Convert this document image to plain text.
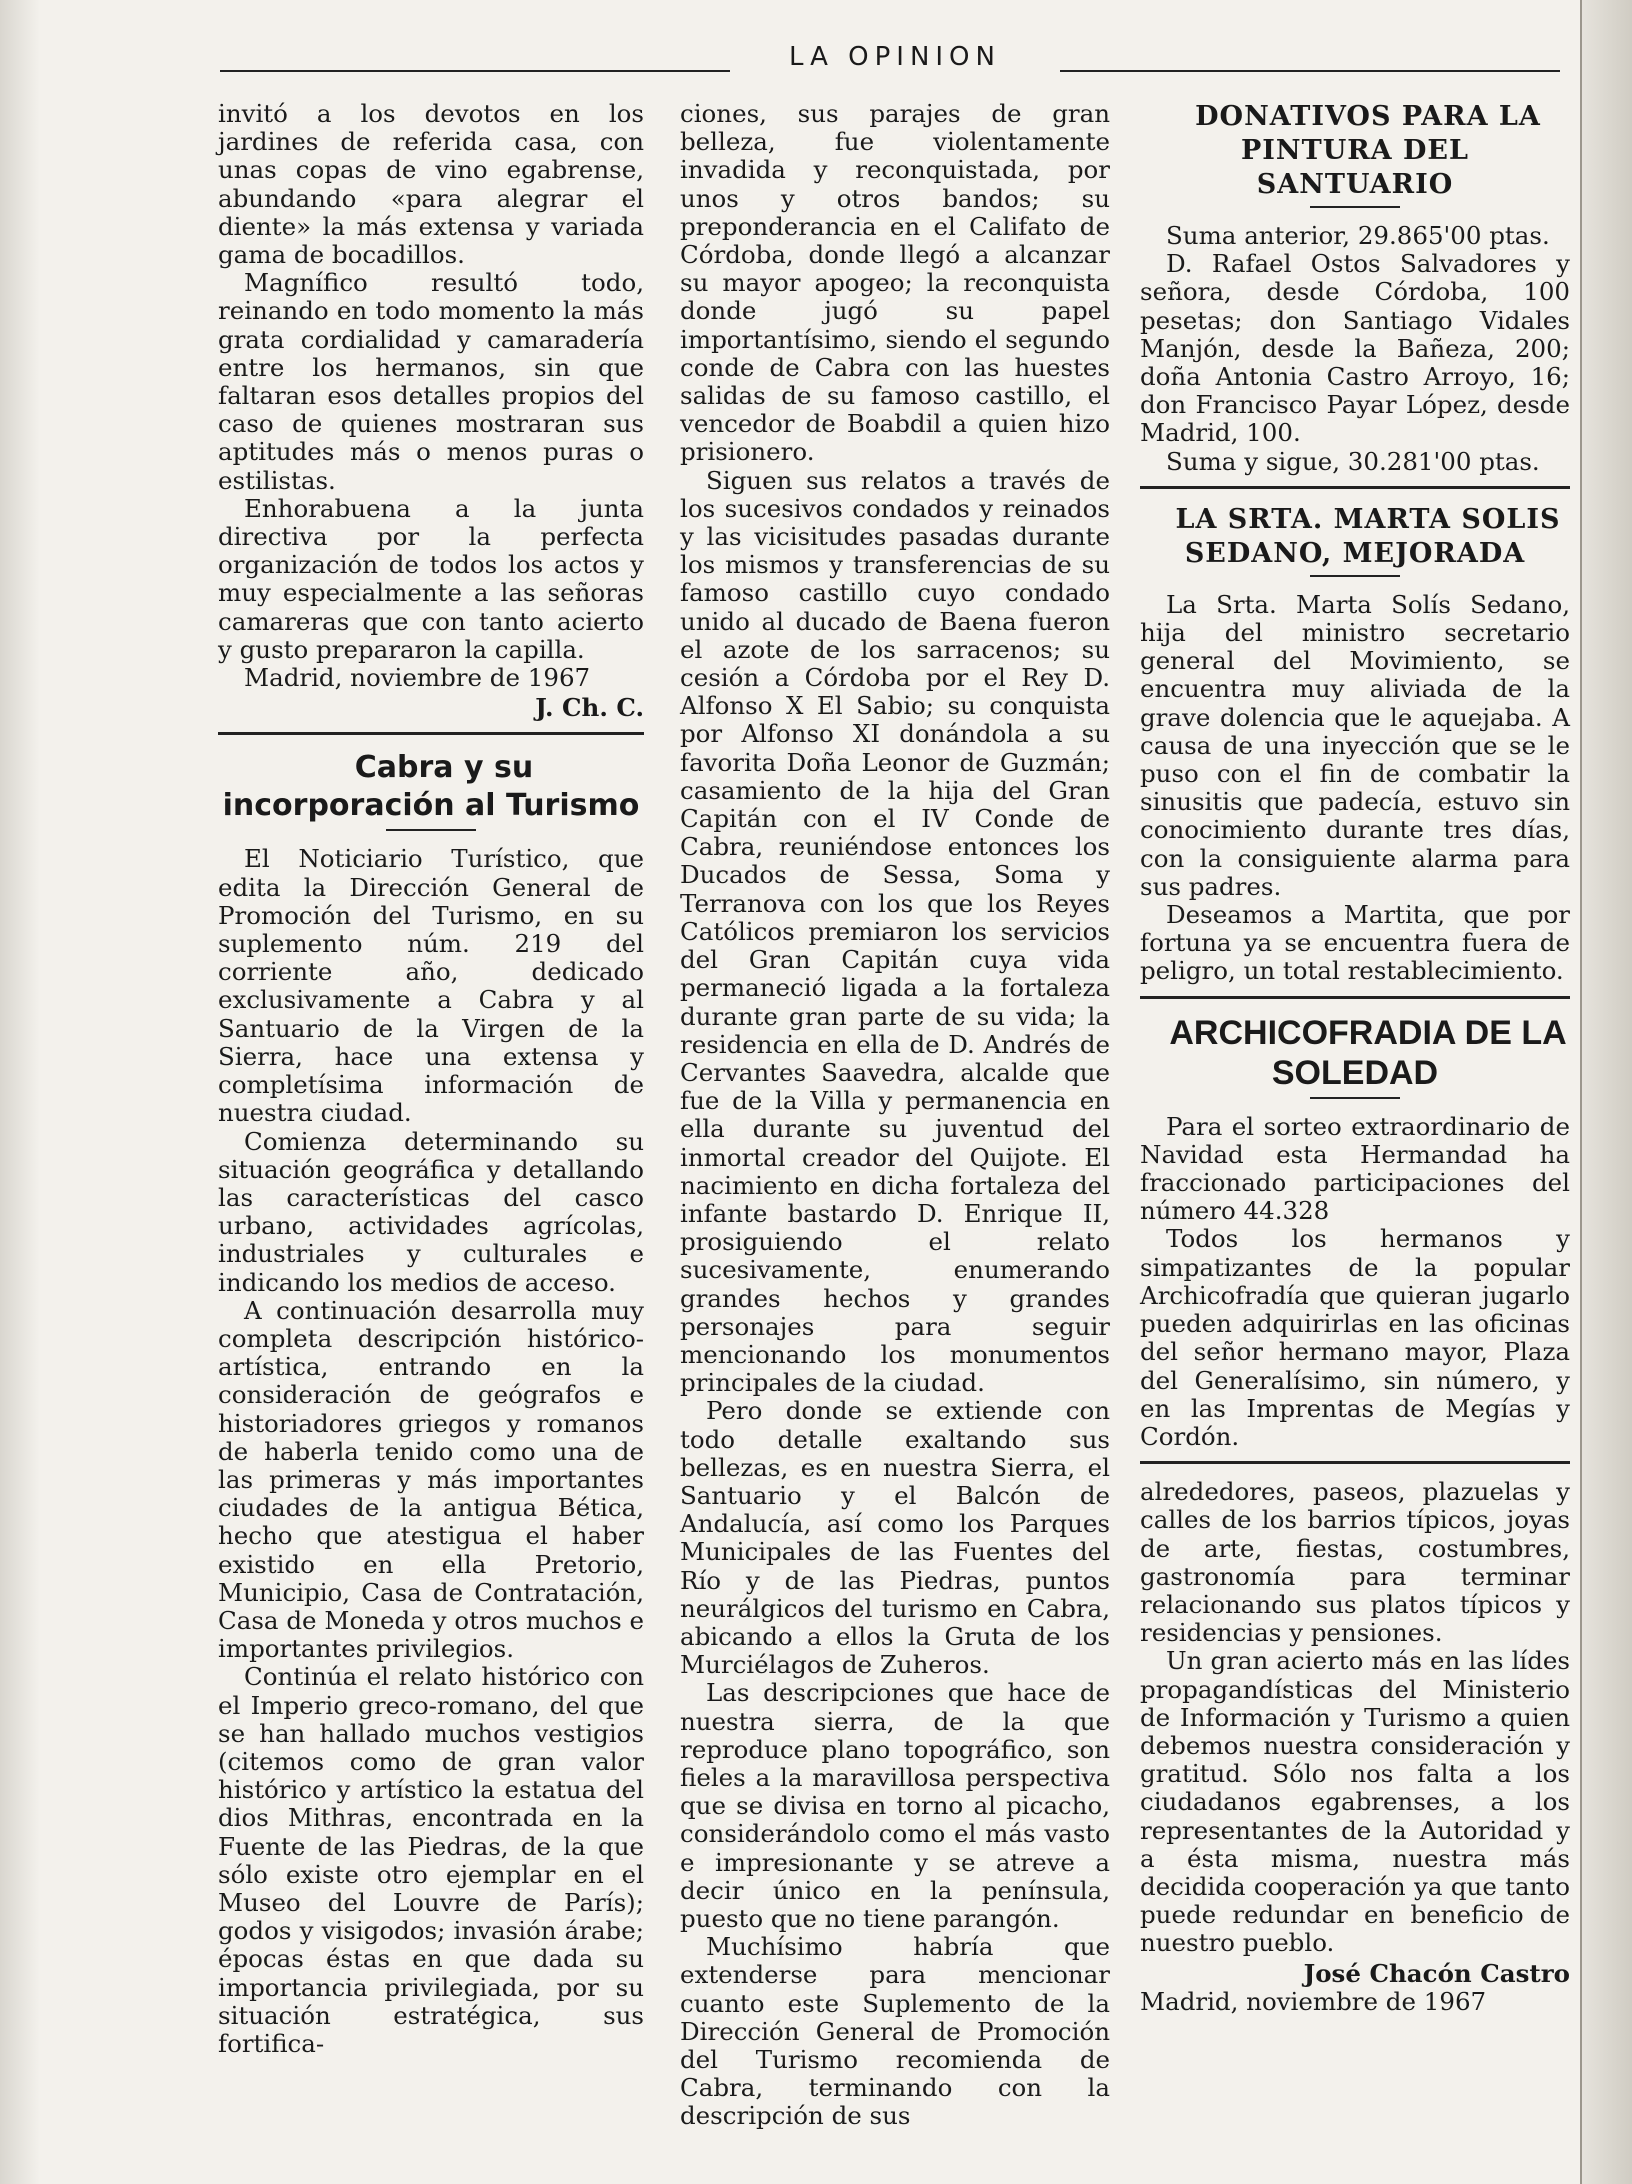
LA OPINION

invitó a los devotos en los jardines de referida casa, con unas copas de vino egabrense, abundando «para alegrar el diente» la más extensa y variada gama de bocadillos.

Magnífico resultó todo, reinando en todo momento la más grata cordialidad y camaradería entre los hermanos, sin que faltaran esos detalles propios del caso de quienes mostraran sus aptitudes más o menos puras o estilistas.

Enhorabuena a la junta directiva por la perfecta organización de todos los actos y muy especialmente a las señoras camareras que con tanto acierto y gusto prepararon la capilla.

Madrid, noviembre de 1967

J. Ch. C.

Cabra y su incorporación al Turismo

El Noticiario Turístico, que edita la Dirección General de Promoción del Turismo, en su suplemento núm. 219 del corriente año, dedicado exclusivamente a Cabra y al Santuario de la Virgen de la Sierra, hace una extensa y completísima información de nuestra ciudad.

Comienza determinando su situación geográfica y detallando las características del casco urbano, actividades agrícolas, industriales y culturales e indicando los medios de acceso.

A continuación desarrolla muy completa descripción histórico-artística, entrando en la consideración de geógrafos e historiadores griegos y romanos de haberla tenido como una de las primeras y más importantes ciudades de la antigua Bética, hecho que atestigua el haber existido en ella Pretorio, Municipio, Casa de Contratación, Casa de Moneda y otros muchos e importantes privilegios.

Continúa el relato histórico con el Imperio greco-romano, del que se han hallado muchos vestigios (citemos como de gran valor histórico y artístico la estatua del dios Mithras, encontrada en la Fuente de las Piedras, de la que sólo existe otro ejemplar en el Museo del Louvre de París); godos y visigodos; invasión árabe; épocas éstas en que dada su importancia privilegiada, por su situación estratégica, sus fortifica-

ciones, sus parajes de gran belleza, fue violentamente invadida y reconquistada, por unos y otros bandos; su preponderancia en el Califato de Córdoba, donde llegó a alcanzar su mayor apogeo; la reconquista donde jugó su papel importantísimo, siendo el segundo conde de Cabra con las huestes salidas de su famoso castillo, el vencedor de Boabdil a quien hizo prisionero.

Siguen sus relatos a través de los sucesivos condados y reinados y las vicisitudes pasadas durante los mismos y transferencias de su famoso castillo cuyo condado unido al ducado de Baena fueron el azote de los sarracenos; su cesión a Córdoba por el Rey D. Alfonso X El Sabio; su conquista por Alfonso XI donándola a su favorita Doña Leonor de Guzmán; casamiento de la hija del Gran Capitán con el IV Conde de Cabra, reuniéndose entonces los Ducados de Sessa, Soma y Terranova con los que los Reyes Católicos premiaron los servicios del Gran Capitán cuya vida permaneció ligada a la fortaleza durante gran parte de su vida; la residencia en ella de D. Andrés de Cervantes Saavedra, alcalde que fue de la Villa y permanencia en ella durante su juventud del inmortal creador del Quijote. El nacimiento en dicha fortaleza del infante bastardo D. Enrique II, prosiguiendo el relato sucesivamente, enumerando grandes hechos y grandes personajes para seguir mencionando los monumentos principales de la ciudad.

Pero donde se extiende con todo detalle exaltando sus bellezas, es en nuestra Sierra, el Santuario y el Balcón de Andalucía, así como los Parques Municipales de las Fuentes del Río y de las Piedras, puntos neurálgicos del turismo en Cabra, abicando a ellos la Gruta de los Murciélagos de Zuheros.

Las descripciones que hace de nuestra sierra, de la que reproduce plano topográfico, son fieles a la maravillosa perspectiva que se divisa en torno al picacho, considerándolo como el más vasto e impresionante y se atreve a decir único en la península, puesto que no tiene parangón.

Muchísimo habría que extenderse para mencionar cuanto este Suplemento de la Dirección General de Promoción del Turismo recomienda de Cabra, terminando con la descripción de sus

DONATIVOS PARA LA PINTURA DEL SANTUARIO

Suma anterior, 29.865'00 ptas.

D. Rafael Ostos Salvadores y señora, desde Córdoba, 100 pesetas; don Santiago Vidales Manjón, desde la Bañeza, 200; doña Antonia Castro Arroyo, 16; don Francisco Payar López, desde Madrid, 100.

Suma y sigue, 30.281'00 ptas.

LA SRTA. MARTA SOLIS SEDANO, MEJORADA

La Srta. Marta Solís Sedano, hija del ministro secretario general del Movimiento, se encuentra muy aliviada de la grave dolencia que le aquejaba. A causa de una inyección que se le puso con el fin de combatir la sinusitis que padecía, estuvo sin conocimiento durante tres días, con la consiguiente alarma para sus padres.

Deseamos a Martita, que por fortuna ya se encuentra fuera de peligro, un total restablecimiento.

ARCHICOFRADIA DE LA SOLEDAD

Para el sorteo extraordinario de Navidad esta Hermandad ha fraccionado participaciones del número 44.328

Todos los hermanos y simpatizantes de la popular Archicofradía que quieran jugarlo pueden adquirirlas en las oficinas del señor hermano mayor, Plaza del Generalísimo, sin número, y en las Imprentas de Megías y Cordón.

alrededores, paseos, plazuelas y calles de los barrios típicos, joyas de arte, fiestas, costumbres, gastronomía para terminar relacionando sus platos típicos y residencias y pensiones.

Un gran acierto más en las lídes propagandísticas del Ministerio de Información y Turismo a quien debemos nuestra consideración y gratitud. Sólo nos falta a los ciudadanos egabrenses, a los representantes de la Autoridad y a ésta misma, nuestra más decidida cooperación ya que tanto puede redundar en beneficio de nuestro pueblo.

José Chacón Castro

Madrid, noviembre de 1967
